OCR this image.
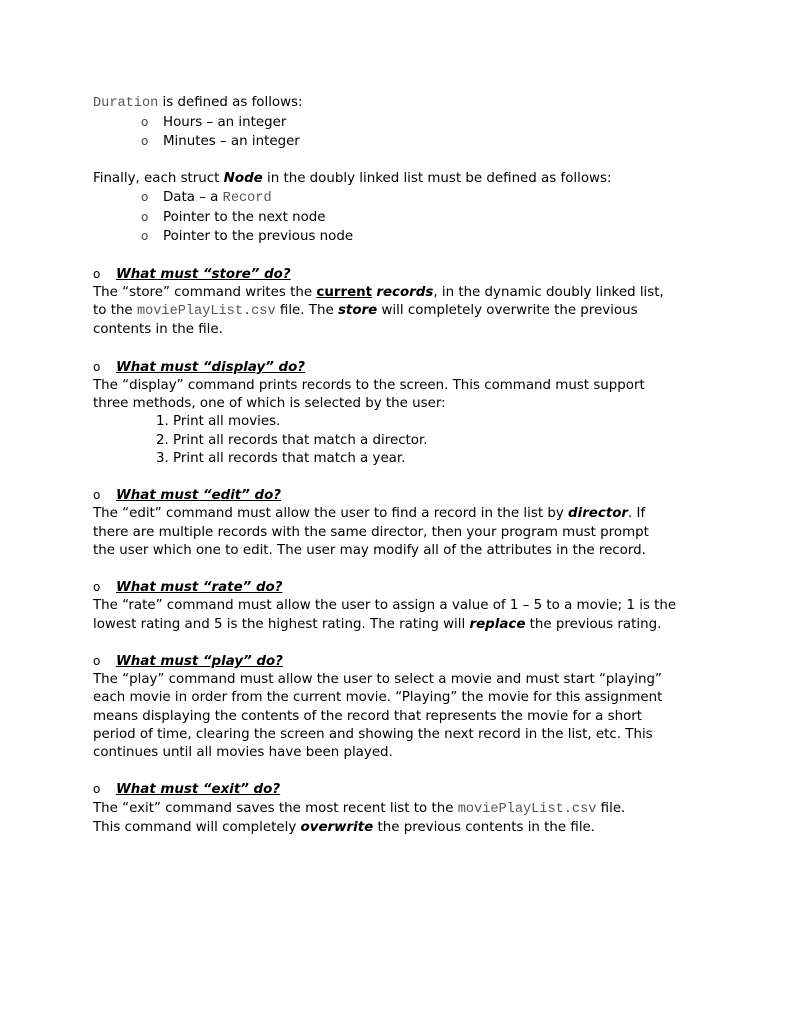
Duration is defined as follows:
o Hours – an integer
o Minutes – an integer
Finally, each struct Node in the doubly linked list must be defined as follows:
o Data – a Record
o Pointer to the next node
o Pointer to the previous node
o What must “store” do?
The “store” command writes the current records, in the dynamic doubly linked list,
to the moviePlayList.csv file. The store will completely overwrite the previous
contents in the file.
o What must “display” do?
The “display” command prints records to the screen. This command must support
three methods, one of which is selected by the user:
1. Print all movies.
2. Print all records that match a director.
3. Print all records that match a year.
o What must “edit” do?
The “edit” command must allow the user to find a record in the list by director. If
there are multiple records with the same director, then your program must prompt
the user which one to edit. The user may modify all of the attributes in the record.
o What must “rate” do?
The “rate” command must allow the user to assign a value of 1 – 5 to a movie; 1 is the
lowest rating and 5 is the highest rating. The rating will replace the previous rating.
o What must “play” do?
The “play” command must allow the user to select a movie and must start “playing”
each movie in order from the current movie. “Playing” the movie for this assignment
means displaying the contents of the record that represents the movie for a short
period of time, clearing the screen and showing the next record in the list, etc. This
continues until all movies have been played.
o What must “exit” do?
The “exit” command saves the most recent list to the moviePlayList.csv file.
This command will completely overwrite the previous contents in the file.
